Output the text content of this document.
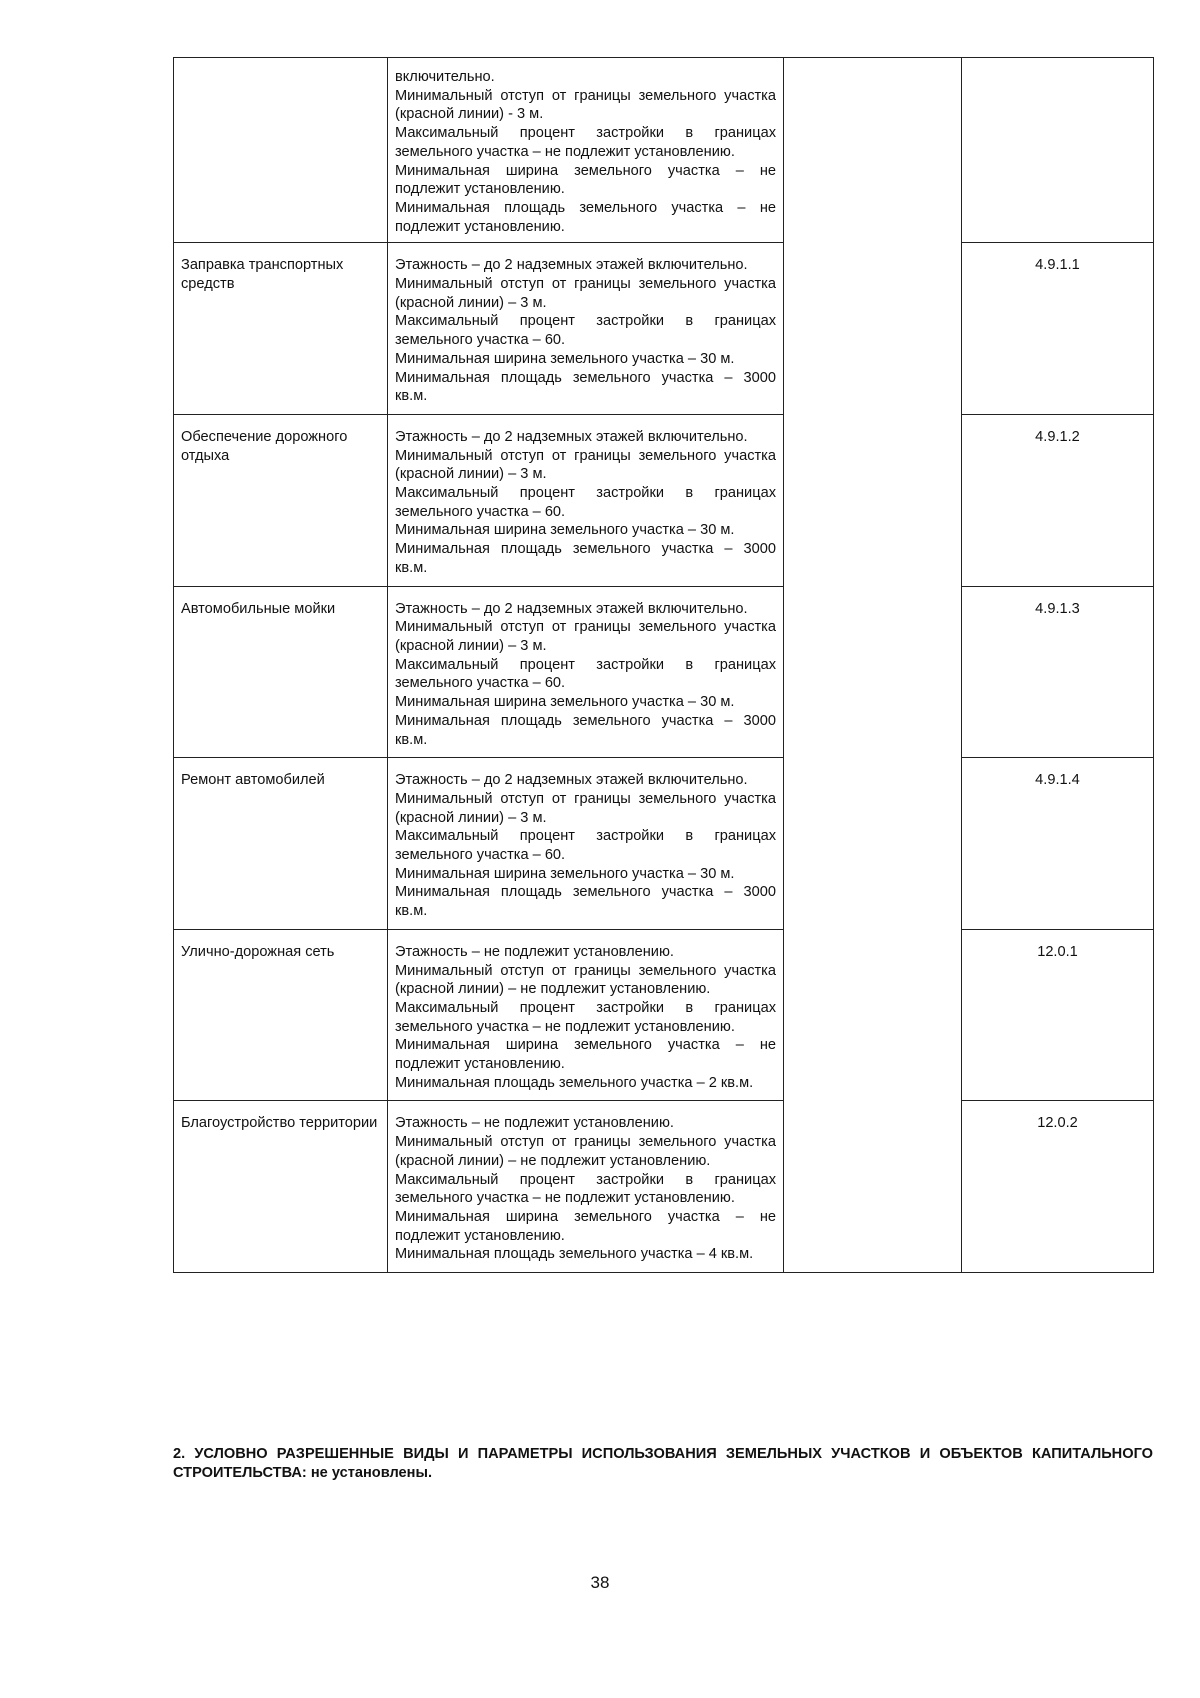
	включительно.

Минимальный отступ от границы земельного участка (красной линии) - 3 м.

Максимальный процент застройки в границах земельного участка – не подлежит установлению.

Минимальная ширина земельного участка – не подлежит установлению.

Минимальная площадь земельного участка – не подлежит установлению.		

Заправка транспортных средств	Этажность – до 2 надземных этажей включительно.

Минимальный отступ от границы земельного участка (красной линии) – 3 м.

Максимальный процент застройки в границах земельного участка – 60.

Минимальная ширина земельного участка – 30 м.

Минимальная площадь земельного участка – 3000 кв.м.		4.9.1.1
Обеспечение дорожного отдыха	Этажность – до 2 надземных этажей включительно.

Минимальный отступ от границы земельного участка (красной линии) – 3 м.

Максимальный процент застройки в границах земельного участка – 60.

Минимальная ширина земельного участка – 30 м.

Минимальная площадь земельного участка – 3000 кв.м.		4.9.1.2
Автомобильные мойки	Этажность – до 2 надземных этажей включительно.

Минимальный отступ от границы земельного участка (красной линии) – 3 м.

Максимальный процент застройки в границах земельного участка – 60.

Минимальная ширина земельного участка – 30 м.

Минимальная площадь земельного участка – 3000 кв.м.		4.9.1.3
Ремонт автомобилей	Этажность – до 2 надземных этажей включительно.

Минимальный отступ от границы земельного участка (красной линии) – 3 м.

Максимальный процент застройки в границах земельного участка – 60.

Минимальная ширина земельного участка – 30 м.

Минимальная площадь земельного участка – 3000 кв.м.		4.9.1.4
Улично-дорожная сеть	Этажность – не подлежит установлению.

Минимальный отступ от границы земельного участка (красной линии) – не подлежит установлению.

Максимальный процент застройки в границах земельного участка – не подлежит установлению.

Минимальная ширина земельного участка – не подлежит установлению.

Минимальная площадь земельного участка – 2 кв.м.		12.0.1
Благоустройство территории	Этажность – не подлежит установлению.

Минимальный отступ от границы земельного участка (красной линии) – не подлежит установлению.

Максимальный процент застройки в границах земельного участка – не подлежит установлению.

Минимальная ширина земельного участка – не подлежит установлению.

Минимальная площадь земельного участка – 4 кв.м.		12.0.2

2. УСЛОВНО РАЗРЕШЕННЫЕ ВИДЫ И ПАРАМЕТРЫ ИСПОЛЬЗОВАНИЯ ЗЕМЕЛЬНЫХ УЧАСТКОВ И ОБЪЕКТОВ КАПИТАЛЬНОГО СТРОИТЕЛЬСТВА: не установлены.

38
